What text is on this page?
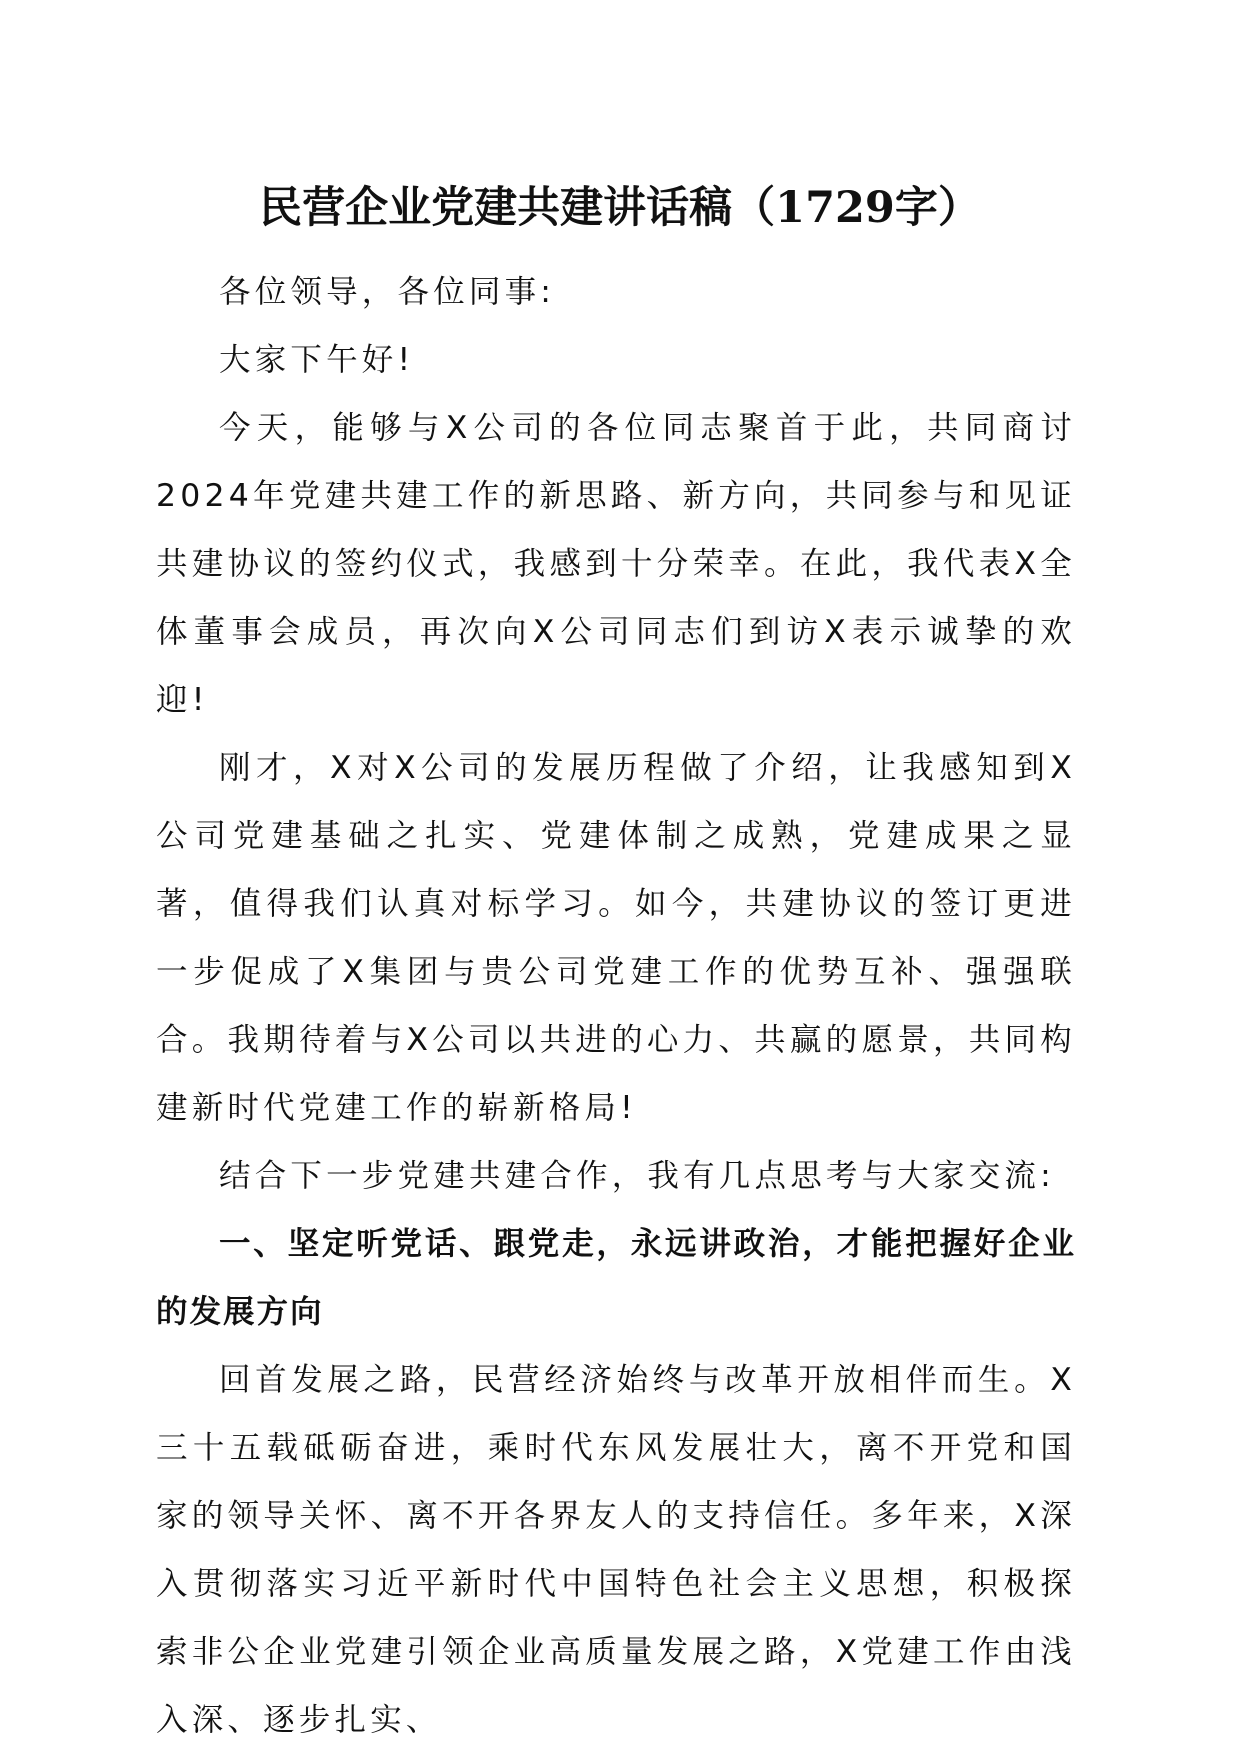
民营企业党建共建讲话稿（1729字）

各位领导，各位同事:

大家下午好!

今天，能够与X公司的各位同志聚首于此，共同商讨2024年党建共建工作的新思路、新方向，共同参与和见证共建协议的签约仪式，我感到十分荣幸。在此，我代表X全体董事会成员，再次向X公司同志们到访X表示诚挚的欢迎!

刚才，X对X公司的发展历程做了介绍，让我感知到X公司党建基础之扎实、党建体制之成熟，党建成果之显著，值得我们认真对标学习。如今，共建协议的签订更进一步促成了X集团与贵公司党建工作的优势互补、强强联合。我期待着与X公司以共进的心力、共赢的愿景，共同构建新时代党建工作的崭新格局!

结合下一步党建共建合作，我有几点思考与大家交流:

一、坚定听党话、跟党走，永远讲政治，才能把握好企业的发展方向

回首发展之路，民营经济始终与改革开放相伴而生。X三十五载砥砺奋进，乘时代东风发展壮大，离不开党和国家的领导关怀、离不开各界友人的支持信任。多年来，X深入贯彻落实习近平新时代中国特色社会主义思想，积极探索非公企业党建引领企业高质量发展之路，X党建工作由浅入深、逐步扎实、
